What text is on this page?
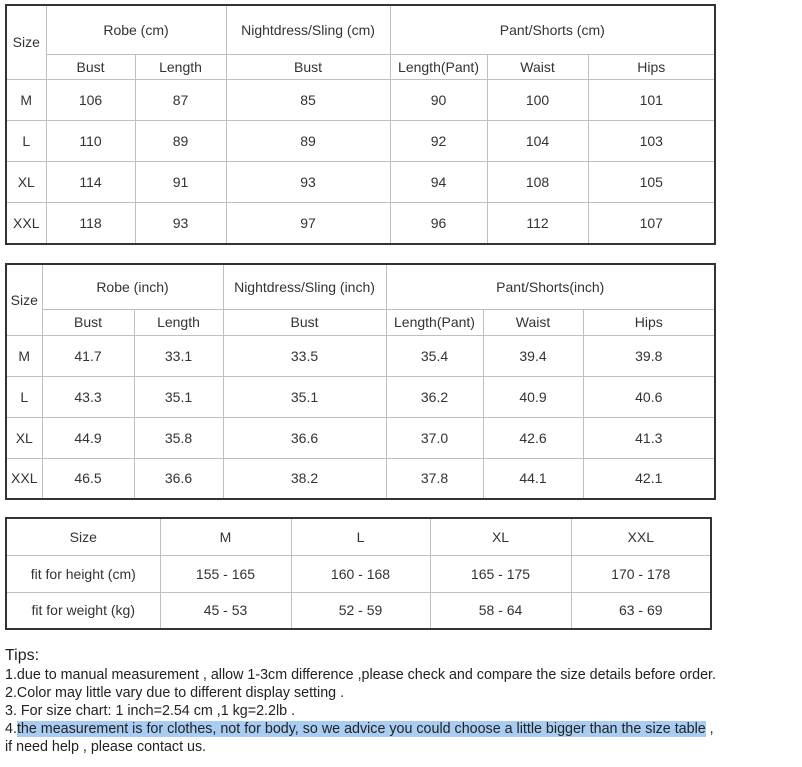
Size	Robe (cm)		Nightdress/Sling (cm)	Pant/Shorts (cm)		
	Bust	Length	Bust	Length(Pant)	Waist	Hips
M	106	87	85	90	100	101
L	110	89	89	92	104	103
XL	114	91	93	94	108	105
XXL	118	93	97	96	112	107
Size	Robe (inch)		Nightdress/Sling (inch)	Pant/Shorts(inch)		
	Bust	Length	Bust	Length(Pant)	Waist	Hips
M	41.7	33.1	33.5	35.4	39.4	39.8
L	43.3	35.1	35.1	36.2	40.9	40.6
XL	44.9	35.8	36.6	37.0	42.6	41.3
XXL	46.5	36.6	38.2	37.8	44.1	42.1
Size	M	L	XL	XXL
fit for height (cm)	155 - 165	160 - 168	165 - 175	170 - 178
fit for weight (kg)	45 - 53	52 - 59	58 - 64	63 - 69
Tips:
1.due to manual measurement , allow 1-3cm difference ,please check and compare the size details before order.
2.Color may little vary due to different display setting .
3. For size chart: 1 inch=2.54 cm ,1 kg=2.2lb .
4.the measurement is for clothes, not for body, so we advice you could choose a little bigger than the size table ,
if need help , please contact us.
